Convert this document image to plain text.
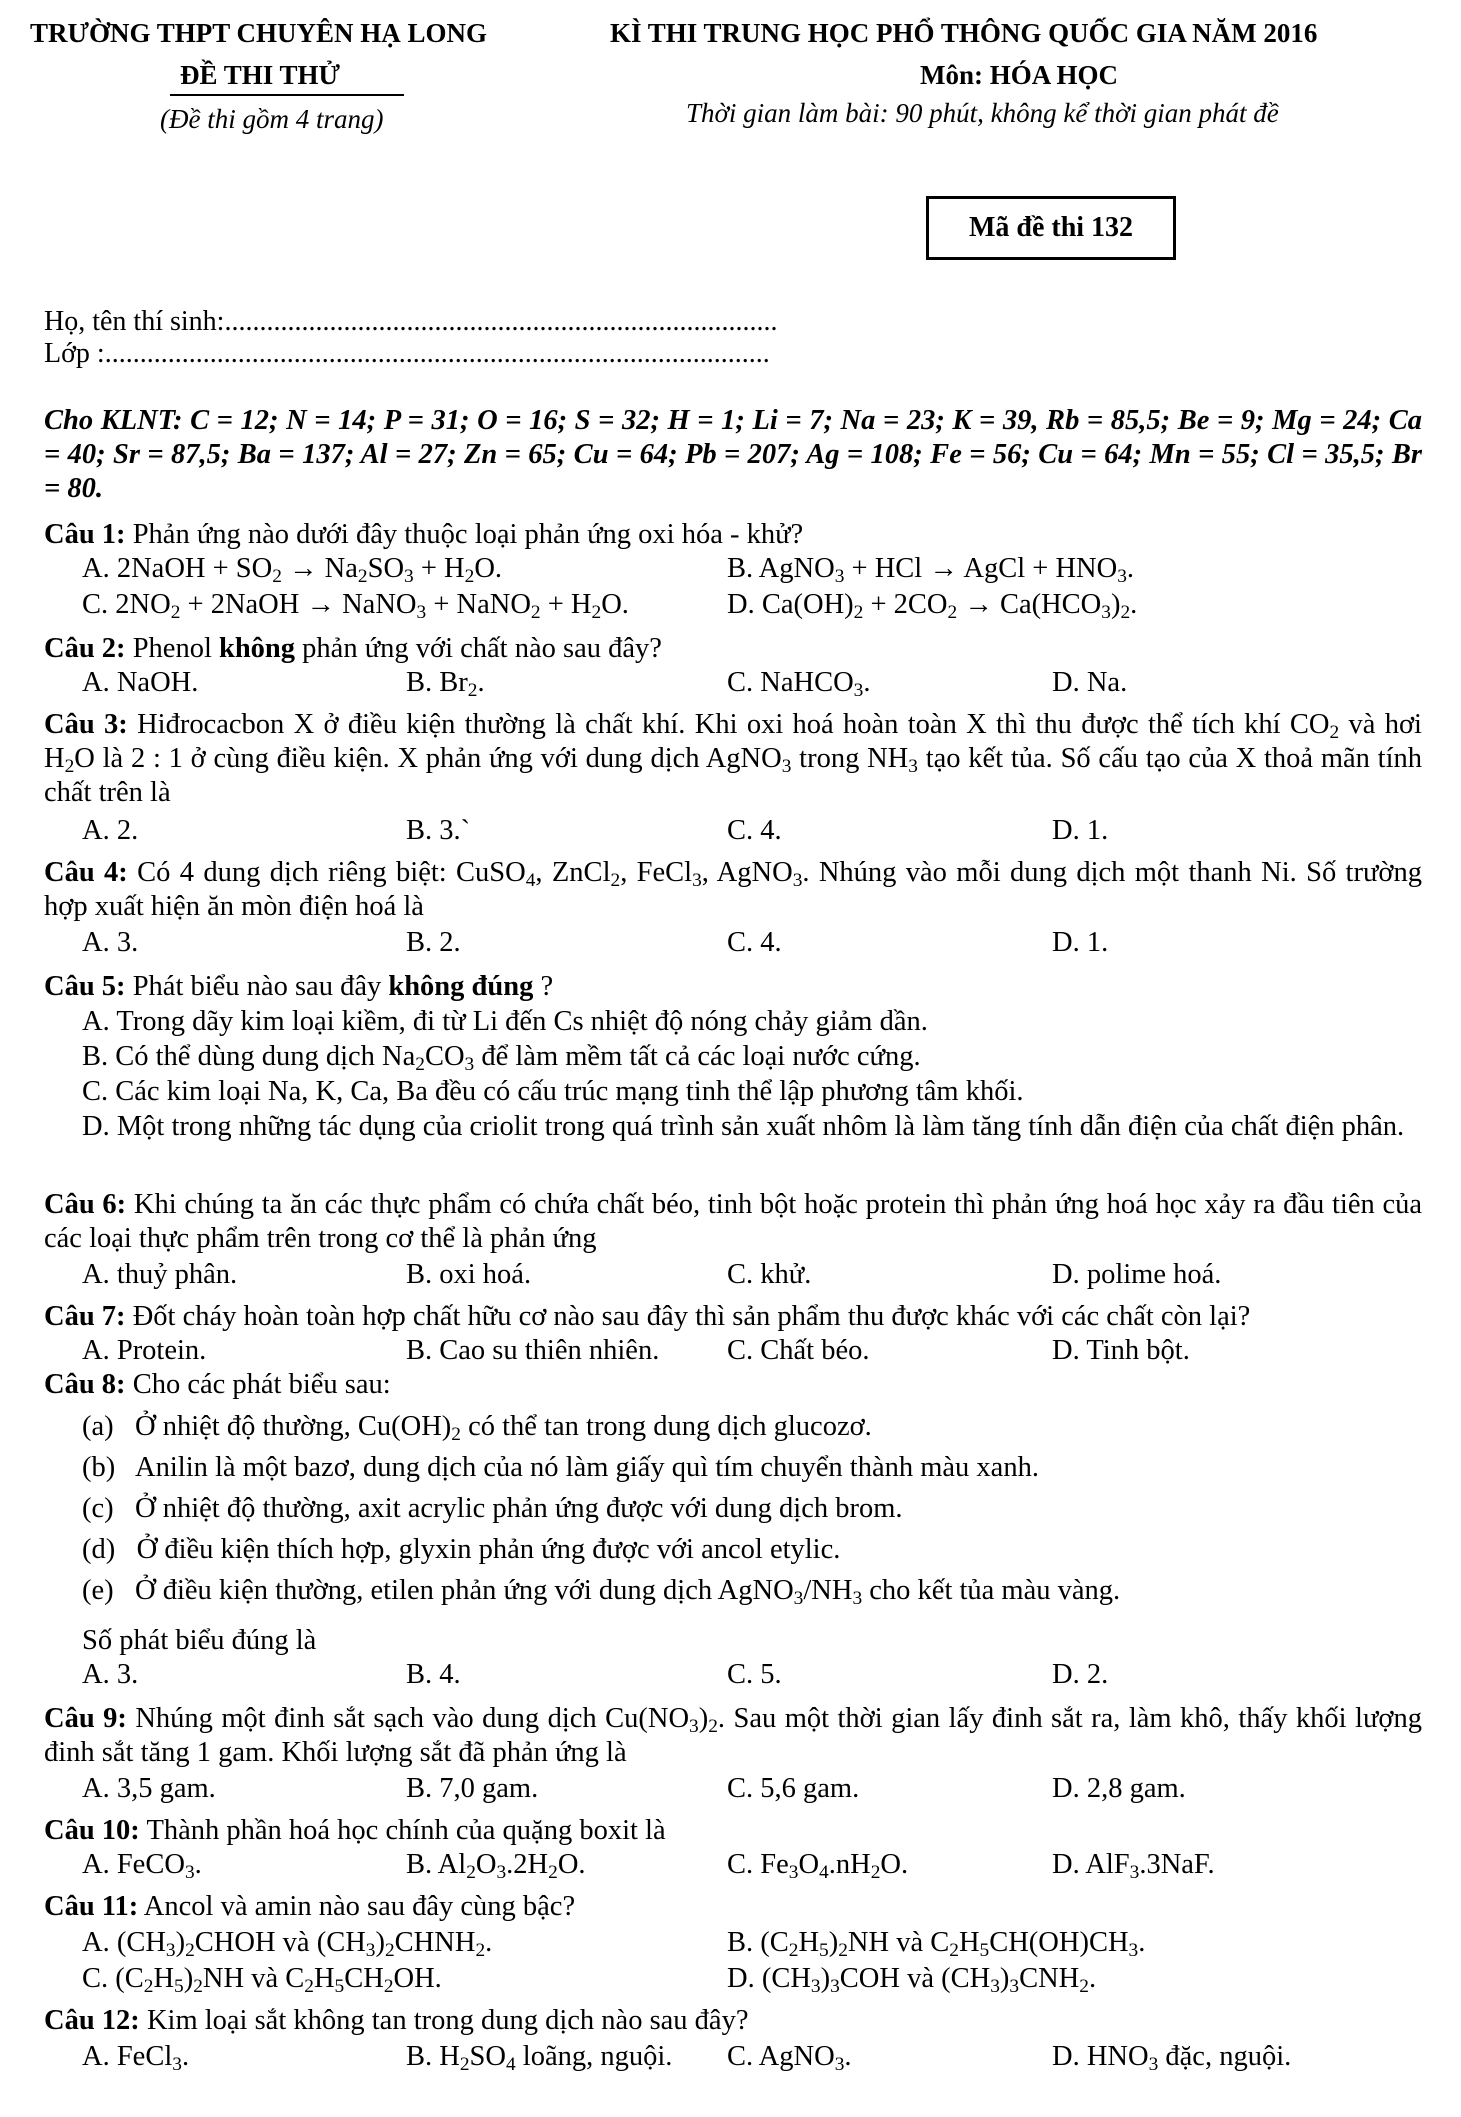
TRƯỜNG THPT CHUYÊN HẠ LONG
ĐỀ THI THỬ
(Đề thi gồm 4 trang)
KÌ THI TRUNG HỌC PHỔ THÔNG QUỐC GIA NĂM 2016
Môn: HÓA HỌC
Thời gian làm bài: 90 phút, không kể thời gian phát đề
Mã đề thi 132
Họ, tên thí sinh:...............................................................................
Lớp :...............................................................................................
Cho KLNT: C = 12; N = 14; P = 31; O = 16; S = 32; H = 1; Li = 7; Na = 23; K = 39, Rb = 85,5; Be = 9; Mg = 24; Ca = 40; Sr = 87,5; Ba = 137; Al = 27; Zn = 65; Cu = 64; Pb = 207; Ag = 108; Fe = 56; Cu = 64; Mn = 55; Cl = 35,5; Br = 80.
Câu 1: Phản ứng nào dưới đây thuộc loại phản ứng oxi hóa - khử?
A. 2NaOH + $SO_2 \to Na_2SO_3 + H_2O$.	B. AgNO$_3$ + HCl → AgCl + $HNO_3$.
C. $2NO_2$ + 2NaOH → NaNO$_3$ + NaNO$_2$ + $H_2O$.	D. $Ca(OH)_2 + 2CO_2 \to Ca(HCO_3)_2$.
Câu 2: Phenol không phản ứng với chất nào sau đây?
A. NaOH.	B. $Br_2$.	C. NaHCO$_3$.	D. Na.
Câu 3: Hiđrocacbon X ở điều kiện thường là chất khí. Khi oxi hoá hoàn toàn X thì thu được thể tích khí $CO_2$ và hơi $H_2O$ là 2 : 1 ở cùng điều kiện. X phản ứng với dung dịch AgNO$_3$ trong $NH_3$ tạo kết tủa. Số cấu tạo của X thoả mãn tính chất trên là
A. 2.	B. 3.`	C. 4.	D. 1.
Câu 4: Có 4 dung dịch riêng biệt: CuSO$_4$, ZnCl$_2$, FeCl$_3$, AgNO$_3$. Nhúng vào mỗi dung dịch một thanh Ni. Số trường hợp xuất hiện ăn mòn điện hoá là
A. 3.	B. 2.	C. 4.	D. 1.
Câu 5: Phát biểu nào sau đây không đúng ?
A. Trong dãy kim loại kiềm, đi từ Li đến Cs nhiệt độ nóng chảy giảm dần.
B. Có thể dùng dung dịch $Na_2CO_3$ để làm mềm tất cả các loại nước cứng.
C. Các kim loại Na, K, Ca, Ba đều có cấu trúc mạng tinh thể lập phương tâm khối.
D. Một trong những tác dụng của criolit trong quá trình sản xuất nhôm là làm tăng tính dẫn điện của chất điện phân.
Câu 6: Khi chúng ta ăn các thực phẩm có chứa chất béo, tinh bột hoặc protein thì phản ứng hoá học xảy ra đầu tiên của các loại thực phẩm trên trong cơ thể là phản ứng
A. thuỷ phân.	B. oxi hoá.	C. khử.	D. polime hoá.
Câu 7: Đốt cháy hoàn toàn hợp chất hữu cơ nào sau đây thì sản phẩm thu được khác với các chất còn lại?
A. Protein.	B. Cao su thiên nhiên. C. Chất béo.	D. Tinh bột.
Câu 8: Cho các phát biểu sau:
(a)   Ở nhiệt độ thường, $Cu(OH)_2$ có thể tan trong dung dịch glucozơ.
(b)   Anilin là một bazơ, dung dịch của nó làm giấy quì tím chuyển thành màu xanh.
(c)   Ở nhiệt độ thường, axit acrylic phản ứng được với dung dịch brom.
(d)   Ở điều kiện thích hợp, glyxin phản ứng được với ancol etylic.
(e)   Ở điều kiện thường, etilen phản ứng với dung dịch $AgNO_3/NH_3$ cho kết tủa màu vàng.
Số phát biểu đúng là
A. 3.	B. 4.	C. 5.	D. 2.
Câu 9: Nhúng một đinh sắt sạch vào dung dịch $Cu(NO_3)_2$. Sau một thời gian lấy đinh sắt ra, làm khô, thấy khối lượng đinh sắt tăng 1 gam. Khối lượng sắt đã phản ứng là
A. 3,5 gam.	B. 7,0 gam.	C. 5,6 gam.	D. 2,8 gam.
Câu 10: Thành phần hoá học chính của quặng boxit là
A. FeCO$_3$.	B. $Al_2O_3.2H_2O$.	C. $Fe_3O_4.nH_2O$.	D. AlF$_3$.3NaF.
Câu 11: Ancol và amin nào sau đây cùng bậc?
A. $(CH_3)_2CHOH$ và $(CH_3)_2CHNH_2$.	B. $(C_2H_5)_2NH$ và $C_2H_5CH(OH)CH_3$.
C. $(C_2H_5)_2NH$ và $C_2H_5CH_2OH$.	D. $(CH_3)_3COH$ và $(CH_3)_3CNH_2$.
Câu 12: Kim loại sắt không tan trong dung dịch nào sau đây?
A. FeCl$_3$.	B. $H_2SO_4$ loãng, nguội. C. AgNO$_3$.	D. $HNO_3$ đặc, nguội.
